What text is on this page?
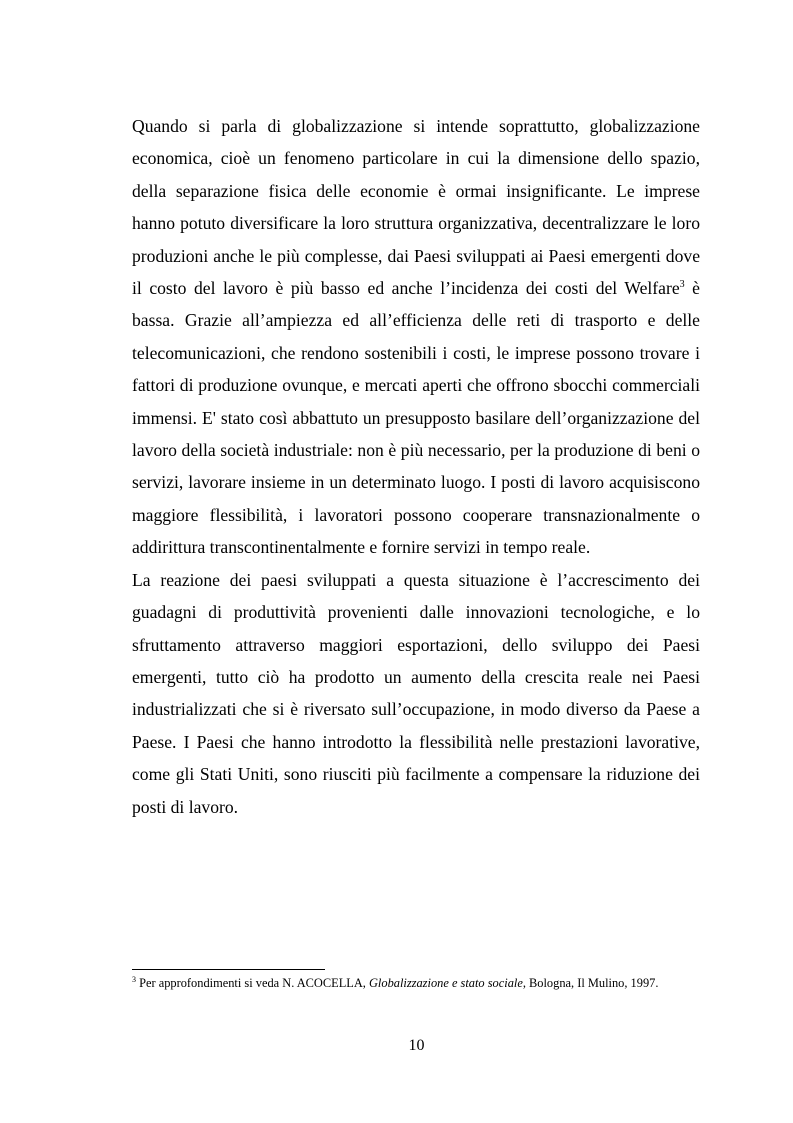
Quando si parla di globalizzazione si intende soprattutto, globalizzazione economica, cioè un fenomeno particolare in cui la dimensione dello spazio, della separazione fisica delle economie è ormai insignificante. Le imprese hanno potuto diversificare la loro struttura organizzativa, decentralizzare le loro produzioni anche le più complesse, dai Paesi sviluppati ai Paesi emergenti dove il costo del lavoro è più basso ed anche l’incidenza dei costi del Welfare$^3$ è bassa. Grazie all’ampiezza ed all’efficienza delle reti di trasporto e delle telecomunicazioni, che rendono sostenibili i costi, le imprese possono trovare i fattori di produzione ovunque, e mercati aperti che offrono sbocchi commerciali immensi. E' stato così abbattuto un presupposto basilare dell’organizzazione del lavoro della società industriale: non è più necessario, per la produzione di beni o servizi, lavorare insieme in un determinato luogo. I posti di lavoro acquisiscono maggiore flessibilità, i lavoratori possono cooperare transnazionalmente o addirittura transcontinentalmente e fornire servizi in tempo reale.

La reazione dei paesi sviluppati a questa situazione è l’accrescimento dei guadagni di produttività provenienti dalle innovazioni tecnologiche, e lo sfruttamento attraverso maggiori esportazioni, dello sviluppo dei Paesi emergenti, tutto ciò ha prodotto un aumento della crescita reale nei Paesi industrializzati che si è riversato sull’occupazione, in modo diverso da Paese a Paese. I Paesi che hanno introdotto la flessibilità nelle prestazioni lavorative, come gli Stati Uniti, sono riusciti più facilmente a compensare la riduzione dei posti di lavoro.

$^3$ Per approfondimenti si veda N. ACOCELLA, Globalizzazione e stato sociale, Bologna, Il Mulino, 1997.

10
